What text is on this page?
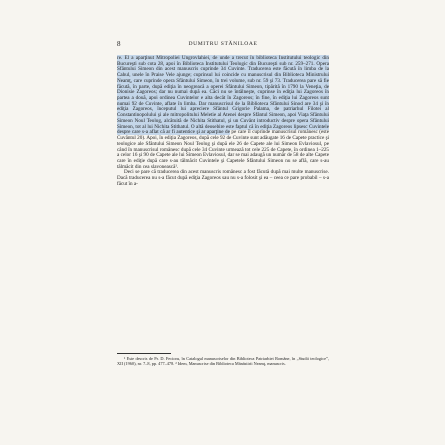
8	DUMITRU STĂNILOAE

re. El a aparţinut Mitropoliei Ungrovlahiei, de unde a trecut în biblioteca Institutului teologic din Bucureşti sub cota 28, apoi în Biblioteca Institutului Teologic din Bucureşti sub nr. 259–271. Opera Sfântului Simeon din acest manuscris cuprinde 34 Cuvinte. Traducerea este făcută în limba de la Cahul, unele în Praise Vele ajunge; cuprinsul lui coincide cu manuscrisul din Biblioteca Ministrului Neamţ, care cuprinde opera Sfântului Simeon, în trei volume, sub nr. 59 şi 73. Traducerea pare să fie făcută, în parte, după ediţia în neogreacă a operei Sfântului Simeon, tipărită în 1790 la Veneţia, de Dionisie Zagoreos; dar nu numai după ea. Căci nu se întâlneşte, cuprinse în ediţia lui Zagoreos în partea a două, apoi ordinea Cuvintelor e alta decât în Zagoreos; în fine, în ediţia lui Zagoreos sunt numai 92 de Cuvinte, aflate în limba. Dar manuscrisul de la Biblioteca Sfântului Sinod are 34 şi în ediţia Zagoreos, începutul lui apreciere Sfântul Grigorie Palama, de patriarhul Filotei al Constantinopolului şi ale mitropolitului Meletie al Atenei despre Sfântul Simeon, apoi Viaţa Sfântului Simeon Noul Teolog, alcătuită de Nichita Stithatul, şi un Cuvânt introductiv despre opera Sfântului Simeon, tot al lui Nichita Stithatul. O altă deosebire este faptul că în ediţia Zagoreos lipsesc Cuvintele despre care s-a aflat că ar fi autentice şi ar aparţine de pe care îl cuprinde manuscrisul românesc (este Cuvântul 20). Apoi, în ediţia Zagoreos, după cele 92 de Cuvinte sunt adăugate 16 de Capete practice şi teologice ale Sfântului Simeon Noul Teolog şi după ele 26 de Capete ale lui Simeon Evlaviosul, pe când în manuscrisul românesc după cele 34 Cuvinte urmează tot cele 225 de Capete, în ordinea 1–225 a celor 16 şi 90 de Capete ale lui Simeon Evlaviosul, dar se mai adaugă un număr de 58 de alte Capete care în ediţie după care s-au tălmăcit Cuvintele şi Capetele Sfântului Simeon nu se află, care s-au tălmăcit din cea slavonească¹.

Deci se pare că traducerea din acest manuscris românesc a fost făcută după mai multe manuscrise. Dacă traducerea nu s-a făcut după ediţia Zagoreos sau nu s-a folosit şi ea – ceea ce pare probabil – s-a făcut în a-

¹ Este descris de Pr. D. Fecioru, în Catalogul manuscriselor din Biblioteca Patriarhiei Române, în „Studii teologice”, XII (1960), nr. 7–8, pp. 477–478. ² Idem, Manuscrise din Biblioteca Mănăstirii Neamţ, manuscris.
